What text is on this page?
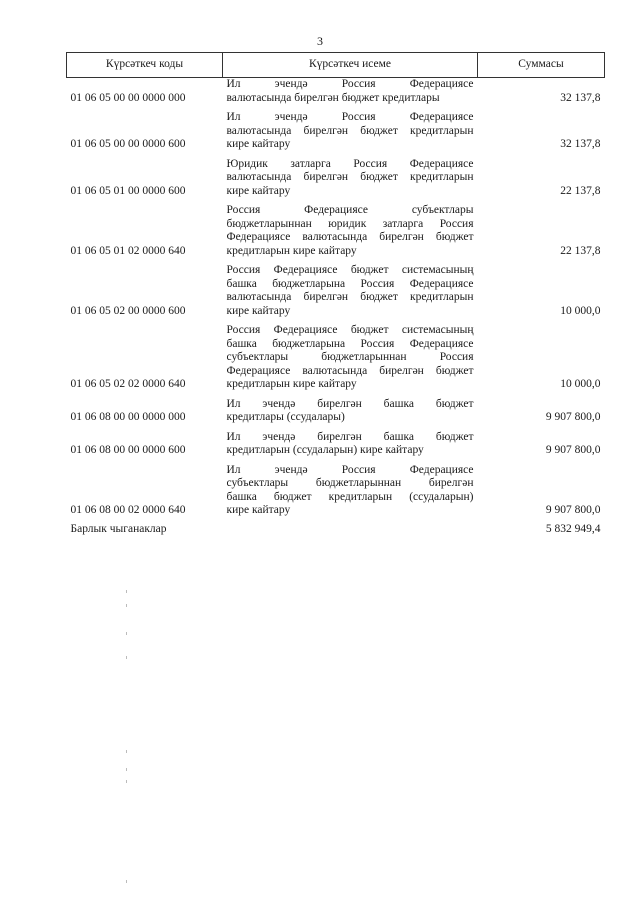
3
Күрсәткеч коды	Күрсәткеч исеме	Суммасы
01 06 05 00 00 0000 000	Ил эчендә Россия Федерациясе
валютасында бирелгән бюджет кредитлары	32 137,8

01 06 05 00 00 0000 600	Ил эчендә Россия Федерациясе
валютасында бирелгән бюджет кредитларын
кире кайтару	32 137,8

01 06 05 01 00 0000 600	Юридик затларга Россия Федерациясе
валютасында бирелгән бюджет кредитларын
кире кайтару	22 137,8

01 06 05 01 02 0000 640	Россия Федерациясе субъектлары
бюджетларыннан юридик затларга Россия
Федерациясе валютасында бирелгән бюджет
кредитларын кире кайтару	22 137,8

01 06 05 02 00 0000 600	Россия Федерациясе бюджет системасының
башка бюджетларына Россия Федерациясе
валютасында бирелгән бюджет кредитларын
кире кайтару	10 000,0

01 06 05 02 02 0000 640	Россия Федерациясе бюджет системасының
башка бюджетларына Россия Федерациясе
субъектлары бюджетларыннан Россия
Федерациясе валютасында бирелгән бюджет
кредитларын кире кайтару	10 000,0

01 06 08 00 00 0000 000	Ил эчендә бирелгән башка бюджет
кредитлары (ссудалары)	9 907 800,0

01 06 08 00 00 0000 600	Ил эчендә бирелгән башка бюджет
кредитларын (ссудаларын) кире кайтару	9 907 800,0

01 06 08 00 02 0000 640	Ил эчендә Россия Федерациясе
субъектлары бюджетларыннан бирелгән
башка бюджет кредитларын (ссудаларын)
кире кайтару	9 907 800,0
Барлык чыганаклар		5 832 949,4
